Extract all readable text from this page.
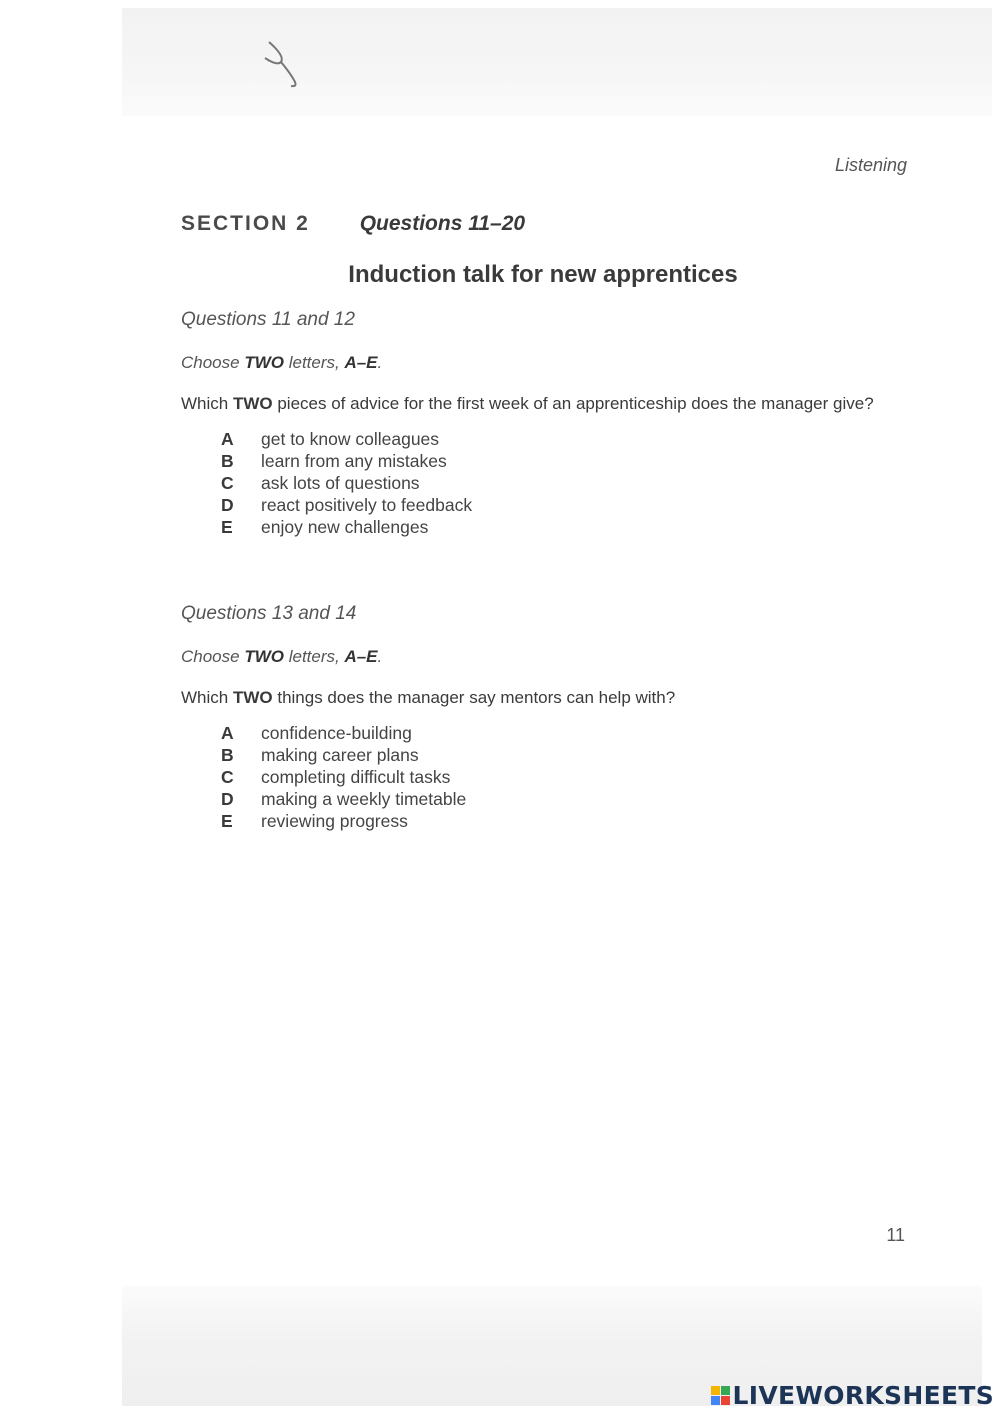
Listening
SECTION 2 Questions 11–20
Induction talk for new apprentices
Questions 11 and 12
Choose TWO letters, A–E.
Which TWO pieces of advice for the first week of an apprenticeship does the manager give?
A	get to know colleagues
B	learn from any mistakes
C	ask lots of questions
D	react positively to feedback
E	enjoy new challenges
Questions 13 and 14
Choose TWO letters, A–E.
Which TWO things does the manager say mentors can help with?
A	confidence-building
B	making career plans
C	completing difficult tasks
D	making a weekly timetable
E	reviewing progress
11
LIVEWORKSHEETS
